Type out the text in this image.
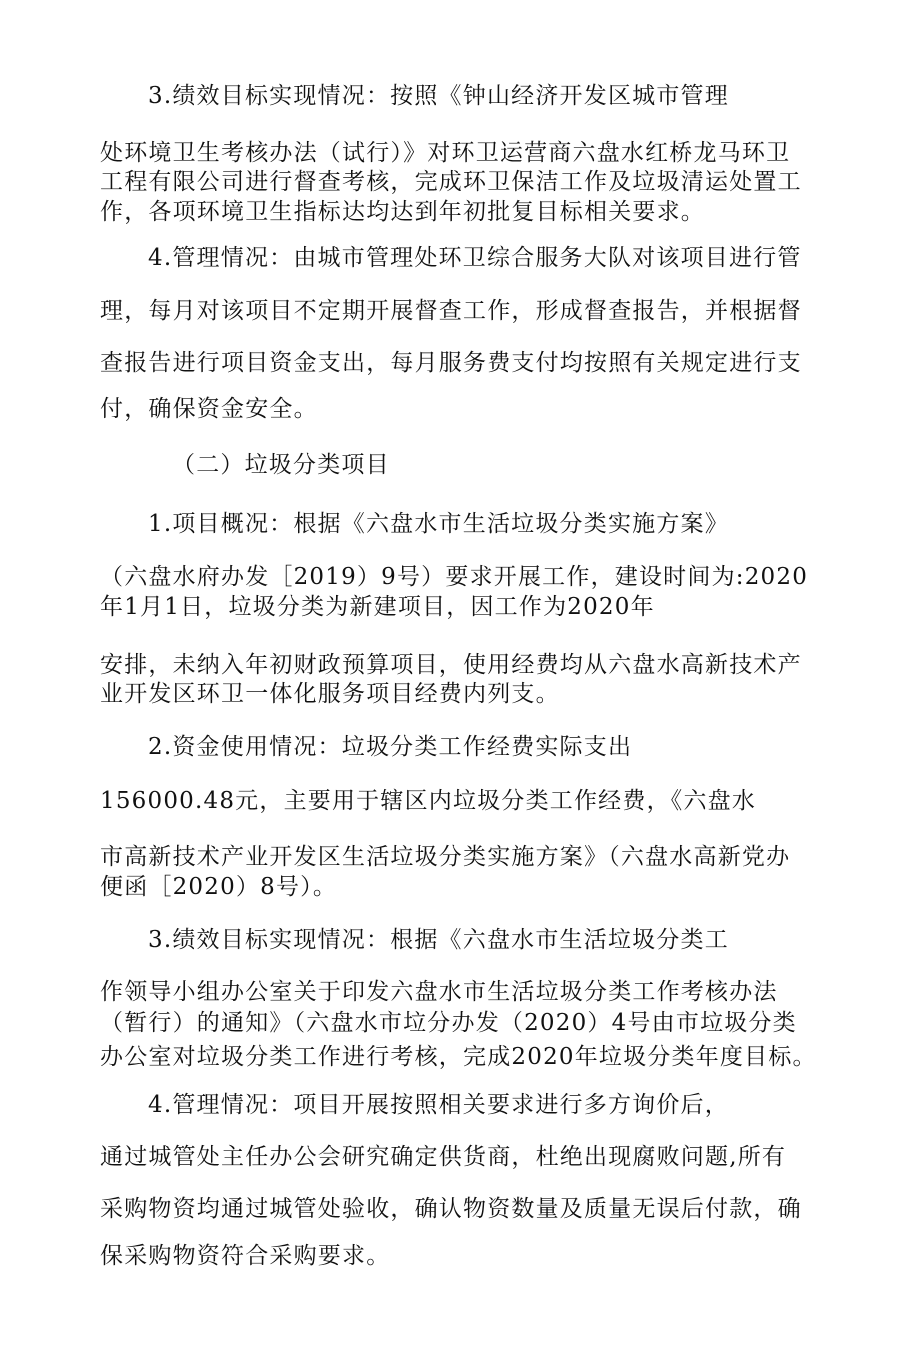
3.绩效目标实现情况：按照《钟山经济开发区城市管理

处环境卫生考核办法（试行）》对环卫运营商六盘水红桥龙马环卫

工程有限公司进行督查考核，完成环卫保洁工作及垃圾清运处置工

作，各项环境卫生指标达均达到年初批复目标相关要求。

4.管理情况：由城市管理处环卫综合服务大队对该项目进行管

理，每月对该项目不定期开展督查工作，形成督查报告，并根据督

查报告进行项目资金支出，每月服务费支付均按照有关规定进行支

付，确保资金安全。

（二）垃圾分类项目

1.项目概况：根据《六盘水市生活垃圾分类实施方案》

（六盘水府办发［2019）9号）要求开展工作，建设时间为:2020

年1月1日，垃圾分类为新建项目，因工作为2020年

安排，未纳入年初财政预算项目，使用经费均从六盘水高新技术产

业开发区环卫一体化服务项目经费内列支。

2.资金使用情况：垃圾分类工作经费实际支出

156000.48元，主要用于辖区内垃圾分类工作经费，《六盘水

市高新技术产业开发区生活垃圾分类实施方案》（六盘水高新党办

便函［2020）8号）。

3.绩效目标实现情况：根据《六盘水市生活垃圾分类工

作领导小组办公室关于印发六盘水市生活垃圾分类工作考核办法

（暂行）的通知》（六盘水市垃分办发（2020）4号由市垃圾分类

办公室对垃圾分类工作进行考核，完成2020年垃圾分类年度目标。

4.管理情况：项目开展按照相关要求进行多方询价后，

通过城管处主任办公会研究确定供货商，杜绝出现腐败问题,所有

采购物资均通过城管处验收，确认物资数量及质量无误后付款，确

保采购物资符合采购要求。
